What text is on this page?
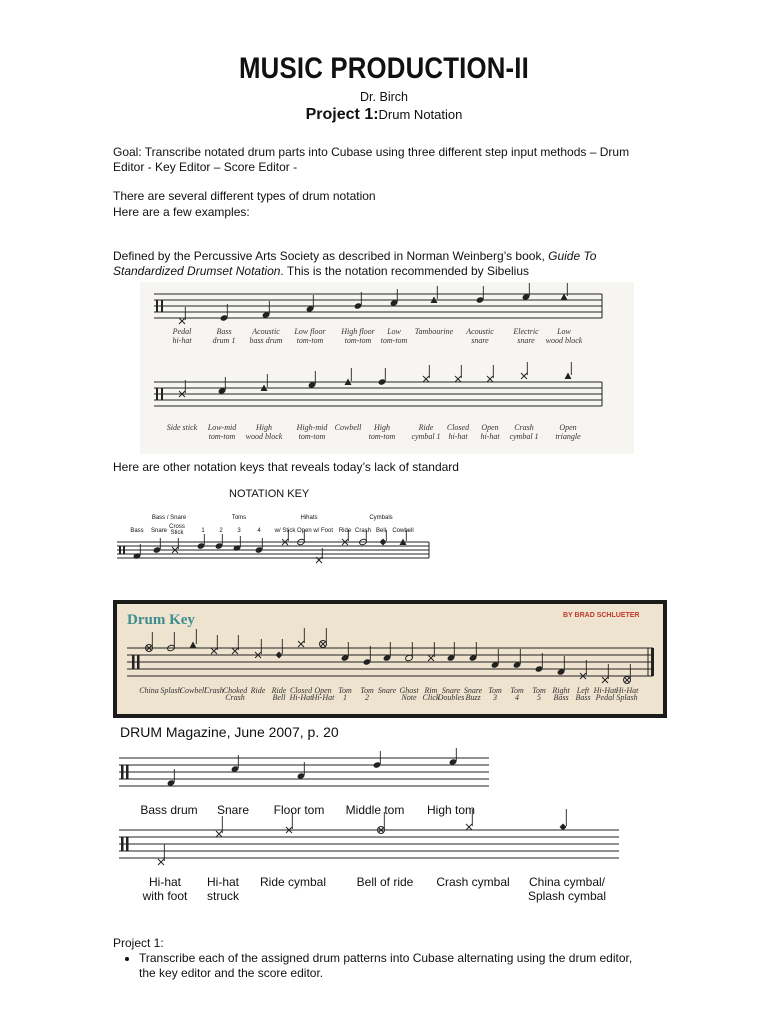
MUSIC PRODUCTION-II
Dr. Birch
Project 1:Drum Notation
Goal: Transcribe notated drum parts into Cubase using three different step input methods – Drum Editor - Key Editor – Score Editor -
There are several different types of drum notation
Here are a few examples:
Defined by the Percussive Arts Society as described in Norman Weinberg’s book, Guide To Standardized Drumset Notation. This is the notation recommended by Sibelius
Pedal hi-hat
Bass drum 1
Acoustic bass drum
Low floor tom-tom
High floor tom-tom
Low tom-tom
Tambourine Acoustic snare
Electric snare
Low wood block
Side stick Low-mid tom-tom
High wood block
High-mid tom-tom
Cowbell	High tom-tom
Ride cymbal 1
Closed hi-hat
Open hi-hat
Crash cymbal 1
Open triangle
Here are other notation keys that reveals today’s lack of standard
NOTATION KEY
Bass / Snare	Toms	Hihats	Cymbals
Bass Snare
Cross
Stick	1 2 3	4 w/ Stick Open w/ Foot Ride Crash Bell Cowbell
Drum Key	BY BRAD SCHLUETER
China Splash
Cowbell
Crash Choked Crash
Ride Ride Bell
Closed Hi-Hat
Open Hi-Hat
Tom 1
Tom 2
Snare Ghost Note
Rim Click
Snare Doubles
Snare Buzz
Tom 3
Tom 4
Tom 5
Right Bass
Left Bass
Hi-Hat Pedal
Hi-Hat Splash
DRUM Magazine, June 2007, p. 20
Bass drum Snare Floor tom Middle tom High tom
Hi-hat with foot
Hi-hat struck
Ride cymbal	Bell of ride Crash cymbal China cymbal/ Splash cymbal
Project 1:
• Transcribe each of the assigned drum patterns into Cubase alternating using the drum editor, the key editor and the score editor.
